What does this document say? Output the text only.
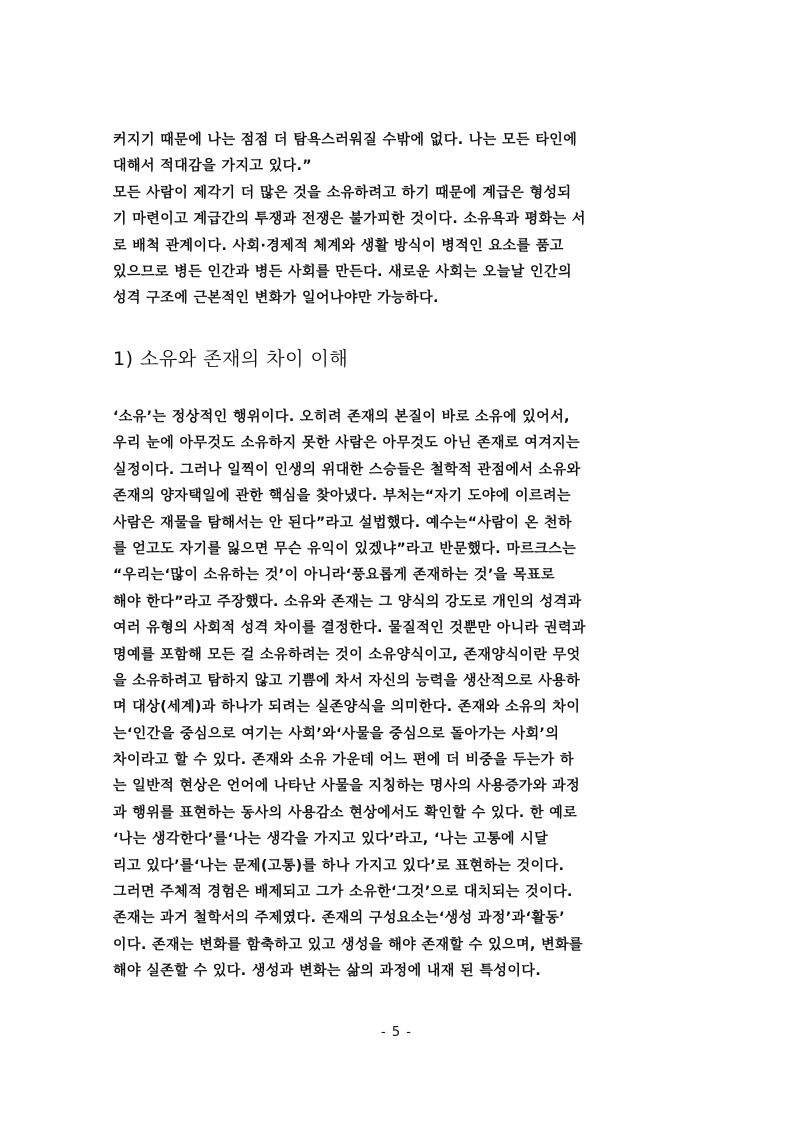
커지기 때문에 나는 점점 더 탐욕스러워질 수밖에 없다. 나는 모든 타인에
대해서 적대감을 가지고 있다.”
모든 사람이 제각기 더 많은 것을 소유하려고 하기 때문에 계급은 형성되
기 마련이고 계급간의 투쟁과 전쟁은 불가피한 것이다. 소유욕과 평화는 서
로 배척 관계이다. 사회·경제적 체계와 생활 방식이 병적인 요소를 품고
있으므로 병든 인간과 병든 사회를 만든다. 새로운 사회는 오늘날 인간의
성격 구조에 근본적인 변화가 일어나야만 가능하다.
1) 소유와 존재의 차이 이해
‘소유’는 정상적인 행위이다. 오히려 존재의 본질이 바로 소유에 있어서,
우리 눈에 아무것도 소유하지 못한 사람은 아무것도 아닌 존재로 여겨지는
실정이다. 그러나 일찍이 인생의 위대한 스승들은 철학적 관점에서 소유와
존재의 양자택일에 관한 핵심을 찾아냈다. 부처는“자기 도야에 이르려는
사람은 재물을 탐해서는 안 된다”라고 설법했다. 예수는“사람이 온 천하
를 얻고도 자기를 잃으면 무슨 유익이 있겠냐”라고 반문했다. 마르크스는
“우리는‘많이 소유하는 것’이 아니라‘풍요롭게 존재하는 것’을 목표로
해야 한다”라고 주장했다. 소유와 존재는 그 양식의 강도로 개인의 성격과
여러 유형의 사회적 성격 차이를 결정한다. 물질적인 것뿐만 아니라 권력과
명예를 포함해 모든 걸 소유하려는 것이 소유양식이고, 존재양식이란 무엇
을 소유하려고 탐하지 않고 기쁨에 차서 자신의 능력을 생산적으로 사용하
며 대상(세계)과 하나가 되려는 실존양식을 의미한다. 존재와 소유의 차이
는‘인간을 중심으로 여기는 사회’와‘사물을 중심으로 돌아가는 사회’의
차이라고 할 수 있다. 존재와 소유 가운데 어느 편에 더 비중을 두는가 하
는 일반적 현상은 언어에 나타난 사물을 지칭하는 명사의 사용증가와 과정
과 행위를 표현하는 동사의 사용감소 현상에서도 확인할 수 있다. 한 예로
‘나는 생각한다’를‘나는 생각을 가지고 있다’라고, ‘나는 고통에 시달
리고 있다’를‘나는 문제(고통)를 하나 가지고 있다’로 표현하는 것이다.
그러면 주체적 경험은 배제되고 그가 소유한‘그것’으로 대치되는 것이다.
존재는 과거 철학서의 주제였다. 존재의 구성요소는‘생성 과정’과‘활동’
이다. 존재는 변화를 함축하고 있고 생성을 해야 존재할 수 있으며, 변화를
해야 실존할 수 있다. 생성과 변화는 삶의 과정에 내재 된 특성이다.
- 5 -
